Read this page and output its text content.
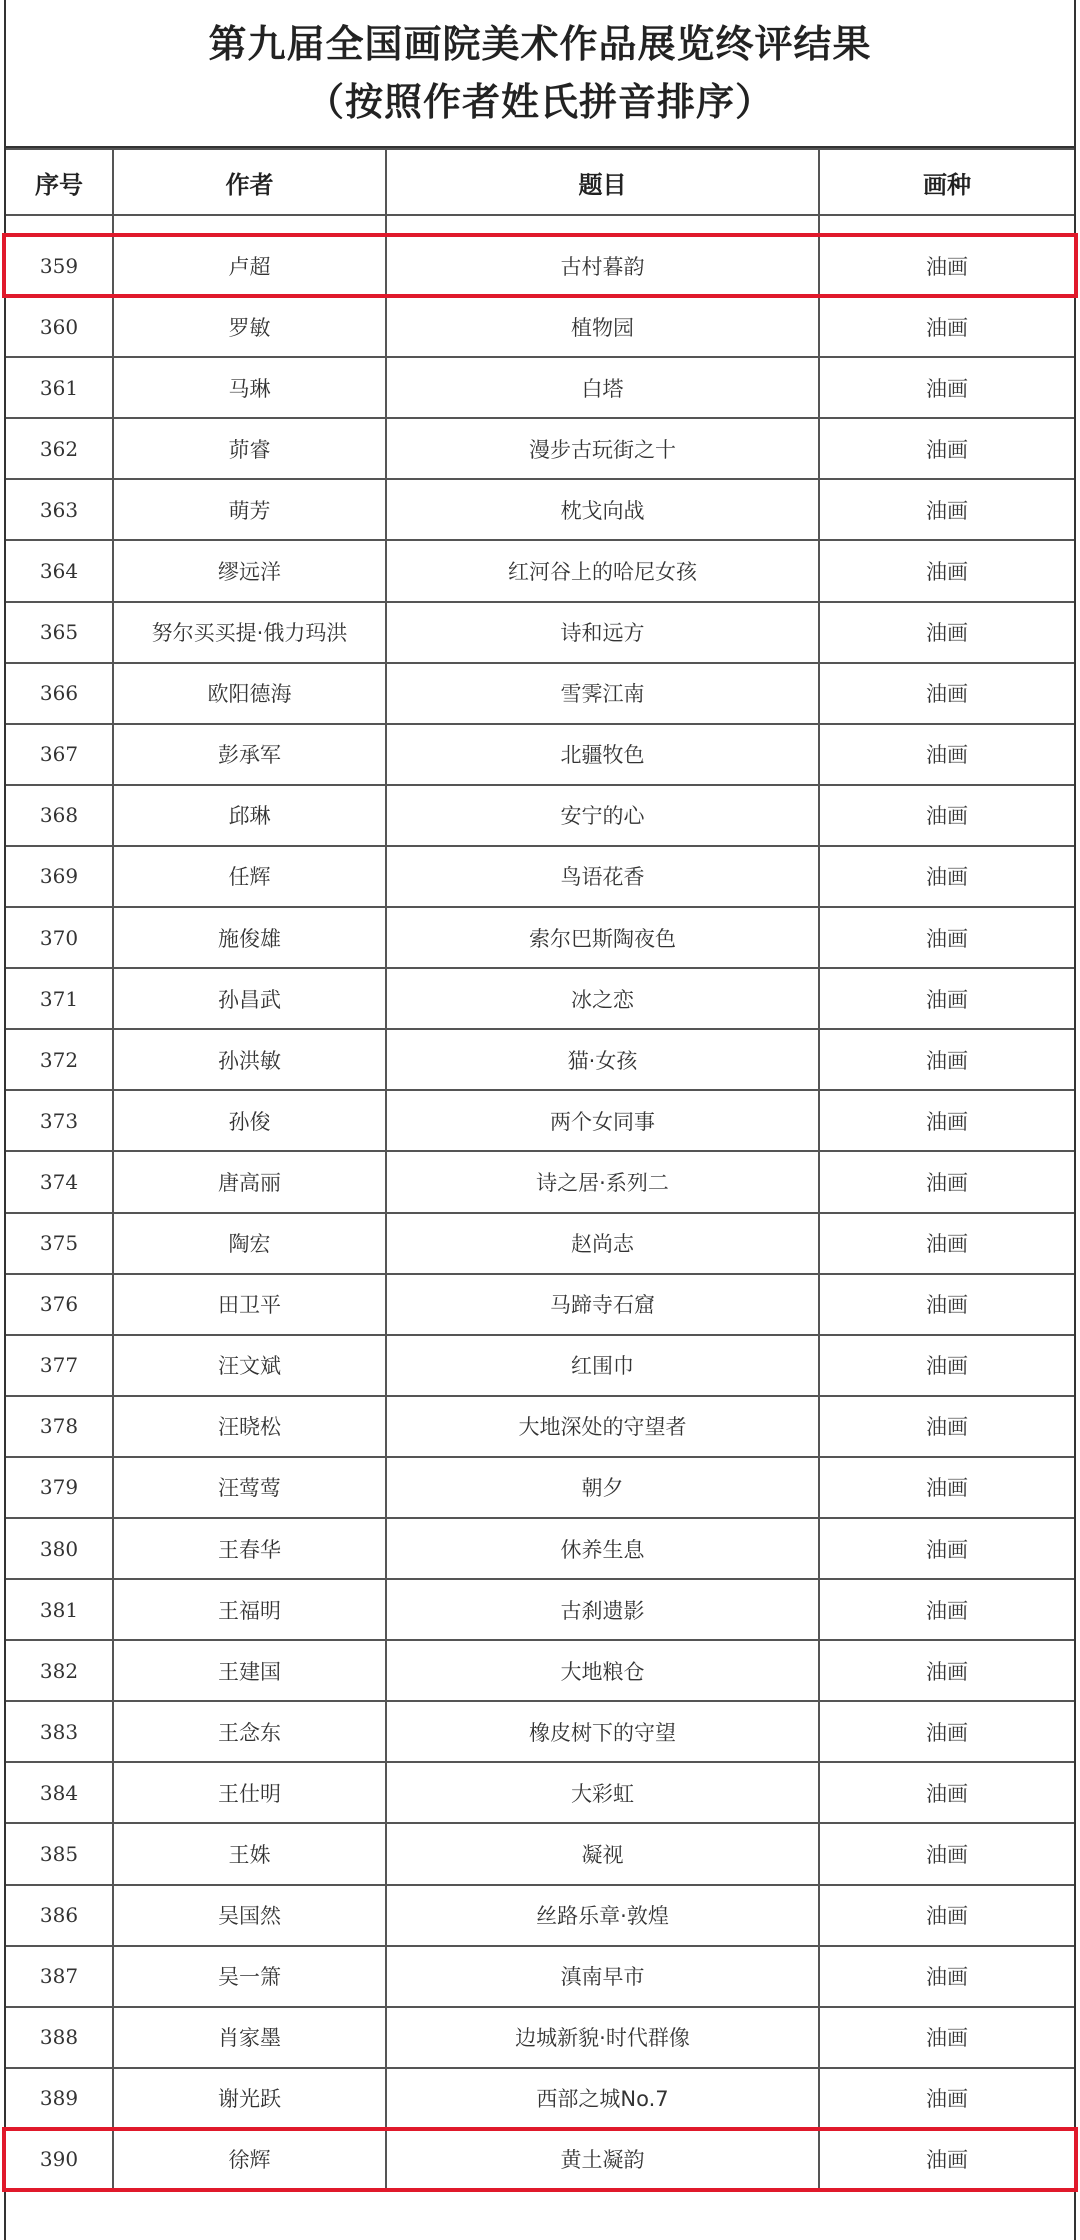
第九届全国画院美术作品展览终评结果
（按照作者姓氏拼音排序）
序号	作者	题目	画种

359	卢超	古村暮韵	油画
360	罗敏	植物园	油画
361	马琳	白塔	油画
362	茆睿	漫步古玩街之十	油画
363	萌芳	枕戈向战	油画
364	缪远洋	红河谷上的哈尼女孩	油画
365	努尔买买提·俄力玛洪	诗和远方	油画
366	欧阳德海	雪霁江南	油画
367	彭承军	北疆牧色	油画
368	邱琳	安宁的心	油画
369	任辉	鸟语花香	油画
370	施俊雄	索尔巴斯陶夜色	油画
371	孙昌武	冰之恋	油画
372	孙洪敏	猫·女孩	油画
373	孙俊	两个女同事	油画
374	唐高丽	诗之居·系列二	油画
375	陶宏	赵尚志	油画
376	田卫平	马蹄寺石窟	油画
377	汪文斌	红围巾	油画
378	汪晓松	大地深处的守望者	油画
379	汪莺莺	朝夕	油画
380	王春华	休养生息	油画
381	王福明	古刹遗影	油画
382	王建国	大地粮仓	油画
383	王念东	橡皮树下的守望	油画
384	王仕明	大彩虹	油画
385	王姝	凝视	油画
386	吴国然	丝路乐章·敦煌	油画
387	吴一箫	滇南早市	油画
388	肖家墨	边城新貌·时代群像	油画
389	谢光跃	西部之城No.7	油画
390	徐辉	黄土凝韵	油画
